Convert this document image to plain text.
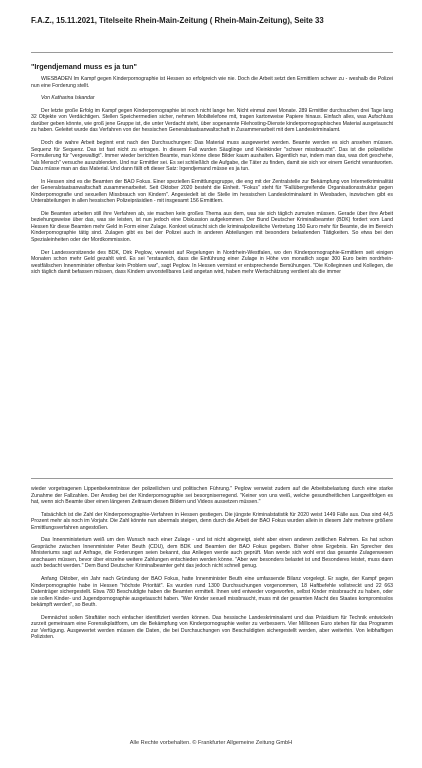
F.A.Z., 15.11.2021, Titelseite Rhein-Main-Zeitung ( Rhein-Main-Zeitung), Seite 33
"Irgendjemand muss es ja tun"

WIESBADEN Im Kampf gegen Kinderpornographie ist Hessen so erfolgreich wie nie. Doch die Arbeit setzt den Ermittlern schwer zu - weshalb die Polizei nun eine Forderung stellt.

Von Katharina Iskandar

Der letzte große Erfolg im Kampf gegen Kinderpornographie ist noch nicht lange her. Nicht einmal zwei Monate. 289 Ermittler durchsuchen drei Tage lang 32 Objekte von Verdächtigen. Stellen Speichermedien sicher, nehmen Mobiltelefone mit, tragen kartonweise Papiere hinaus. Einfach alles, was Aufschluss darüber geben könnte, wie groß jene Gruppe ist, die unter Verdacht steht, über sogenannte Filehosting-Dienste kinderpornographisches Material ausgetauscht zu haben. Geleitet wurde das Verfahren von der hessischen Generalstaatsanwaltschaft in Zusammenarbeit mit dem Landeskriminalamt.

Doch die wahre Arbeit beginnt erst nach den Durchsuchungen: Das Material muss ausgewertet werden. Beamte werden es sich ansehen müssen. Sequenz für Sequenz. Das ist fast nicht zu ertragen. In diesem Fall wurden Säuglinge und Kleinkinder "schwer missbraucht". Das ist die polizeiliche Formulierung für "vergewaltigt". Immer wieder berichten Beamte, man könne diese Bilder kaum aushalten. Eigentlich nur, indem man das, was dort geschehe, "als Mensch" versuche auszublenden. Und nur Ermittler sei. Es sei schließlich die Aufgabe, die Täter zu finden, damit sie sich vor einem Gericht verantworten. Dazu müsse man an das Material. Und dann fällt oft dieser Satz: Irgendjemand müsse es ja tun.

In Hessen sind es die Beamten der BAO Fokus. Einer speziellen Ermittlungsgruppe, die eng mit der Zentralstelle zur Bekämpfung von Internetkriminalität der Generalstaatsanwaltschaft zusammenarbeitet. Seit Oktober 2020 besteht die Einheit. "Fokus" steht für "Fallübergreifende Organisationsstruktur gegen Kinderpornografie und sexuellen Missbrauch von Kindern". Angesiedelt ist die Stelle im hessischen Landeskriminalamt in Wiesbaden, inzwischen gibt es Unterabteilungen in allen hessischen Polizeipräsidien - mit insgesamt 156 Ermittlern.

Die Beamten arbeiten still ihre Verfahren ab, sie machen kein großes Thema aus dem, was sie sich täglich zumuten müssen. Gerade über ihre Arbeit beziehungsweise über das, was sie leisten, ist nun jedoch eine Diskussion aufgekommen. Der Bund Deutscher Kriminalbeamter (BDK) fordert vom Land Hessen für diese Beamten mehr Geld in Form einer Zulage. Konkret wünscht sich die kriminalpolizeiliche Vertretung 150 Euro mehr für Beamte, die im Bereich Kinderpornographie tätig sind. Zulagen gibt es bei der Polizei auch in anderen Abteilungen mit besonders belastenden Tätigkeiten. So etwa bei den Spezialeinheiten oder der Mordkommission.

Der Landesvorsitzende des BDK, Dirk Peglow, verweist auf Regelungen in Nordrhein-Westfalen, wo den Kinderpornographie-Ermittlern seit einigen Monaten schon mehr Geld gezahlt wird. Es sei "erstaunlich, dass die Einführung einer Zulage in Höhe von monatlich sogar 300 Euro beim nordrhein-westfälischen Innenminister offenbar kein Problem war", sagt Peglow. In Hessen vermisst er entsprechende Bemühungen. "Die Kolleginnen und Kollegen, die sich täglich damit befassen müssen, dass Kindern unvorstellbares Leid angetan wird, haben mehr Wertschätzung verdient als die immer

wieder vorgetragenen Lippenbekenntnisse der polizeilichen und politischen Führung." Peglow verweist zudem auf die Arbeitsbelastung durch eine starke Zunahme der Fallzahlen. Der Anstieg bei der Kinderpornographie sei besorgniserregend. "Keiner von uns weiß, welche gesundheitlichen Langzeitfolgen es hat, wenn sich Beamte über einen längeren Zeitraum diesen Bildern und Videos aussetzen müssen."

Tatsächlich ist die Zahl der Kinderpornographie-Verfahren in Hessen gestiegen. Die jüngste Kriminalstatistik für 2020 weist 1449 Fälle aus. Das sind 44,5 Prozent mehr als noch im Vorjahr. Die Zahl könnte nun abermals steigen, denn durch die Arbeit der BAO Fokus wurden allein in diesem Jahr mehrere größere Ermittlungsverfahren angestoßen.

Das Innenministerium weiß um den Wunsch nach einer Zulage - und ist nicht abgeneigt, sieht aber einen anderen zeitlichen Rahmen. Es hat schon Gespräche zwischen Innenminister Peter Beuth (CDU), dem BDK und Beamten der BAO Fokus gegeben. Bisher ohne Ergebnis. Ein Sprecher des Ministeriums sagt auf Anfrage, die Forderungen seien bekannt, das Anliegen werde auch geprüft. Man werde sich wohl erst das gesamte Zulagenwesen anschauen müssen, bevor über einzelne weitere Zahlungen entschieden werden könne. "Aber wer besonders belastet ist und Besonderes leistet, muss dann auch bedacht werden." Dem Bund Deutscher Kriminalbeamter geht das jedoch nicht schnell genug.

Anfang Oktober, ein Jahr nach Gründung der BAO Fokus, hatte Innenminister Beuth eine umfassende Bilanz vorgelegt. Er sagte, der Kampf gegen Kinderpornographie habe in Hessen "höchste Priorität". Es wurden rund 1300 Durchsuchungen vorgenommen, 18 Haftbefehle vollstreckt und 22 663 Datenträger sichergestellt. Etwa 780 Beschuldigte haben die Beamten ermittelt. Ihnen wird entweder vorgeworfen, selbst Kinder missbraucht zu haben, oder sie sollen Kinder- und Jugendpornographie ausgetauscht haben. "Wer Kinder sexuell missbraucht, muss mit der gesamten Macht des Staates kompromisslos bekämpft werden", so Beuth.

Demnächst sollen Straftäter noch einfacher identifiziert werden können. Das hessische Landeskriminalamt und das Präsidium für Technik entwickeln zurzeit gemeinsam eine Forensikplattform, um die Bekämpfung von Kinderpornographie weiter zu verbessern. Vier Millionen Euro stehen für das Programm zur Verfügung. Ausgewertet werden müssen die Daten, die bei Durchsuchungen von Beschuldigten sichergestellt werden, aber weiterhin. Von leibhaftigen Polizisten.

Alle Rechte vorbehalten. © Frankfurter Allgemeine Zeitung GmbH
